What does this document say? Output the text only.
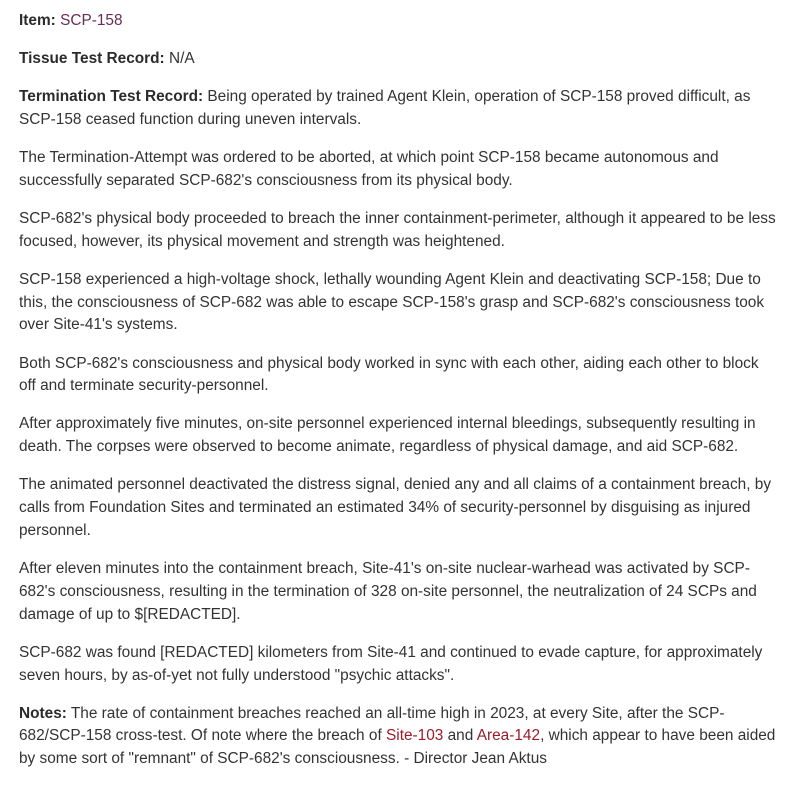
Item: SCP-158

Tissue Test Record: N/A

Termination Test Record: Being operated by trained Agent Klein, operation of SCP-158 proved difficult, as SCP-158 ceased function during uneven intervals.

The Termination-Attempt was ordered to be aborted, at which point SCP-158 became autonomous and successfully separated SCP-682's consciousness from its physical body.

SCP-682's physical body proceeded to breach the inner containment-perimeter, although it appeared to be less focused, however, its physical movement and strength was heightened.

SCP-158 experienced a high-voltage shock, lethally wounding Agent Klein and deactivating SCP-158; Due to this, the consciousness of SCP-682 was able to escape SCP-158's grasp and SCP-682's consciousness took over Site-41's systems.

Both SCP-682's consciousness and physical body worked in sync with each other, aiding each other to block off and terminate security-personnel.

After approximately five minutes, on-site personnel experienced internal bleedings, subsequently resulting in death. The corpses were observed to become animate, regardless of physical damage, and aid SCP-682.

The animated personnel deactivated the distress signal, denied any and all claims of a containment breach, by calls from Foundation Sites and terminated an estimated 34% of security-personnel by disguising as injured personnel.

After eleven minutes into the containment breach, Site-41's on-site nuclear-warhead was activated by SCP-682's consciousness, resulting in the termination of 328 on-site personnel, the neutralization of 24 SCPs and damage of up to $[REDACTED].

SCP-682 was found [REDACTED] kilometers from Site-41 and continued to evade capture, for approximately seven hours, by as-of-yet not fully understood "psychic attacks".

Notes: The rate of containment breaches reached an all-time high in 2023, at every Site, after the SCP-682/SCP-158 cross-test. Of note where the breach of Site-103 and Area-142, which appear to have been aided by some sort of "remnant" of SCP-682's consciousness. - Director Jean Aktus
